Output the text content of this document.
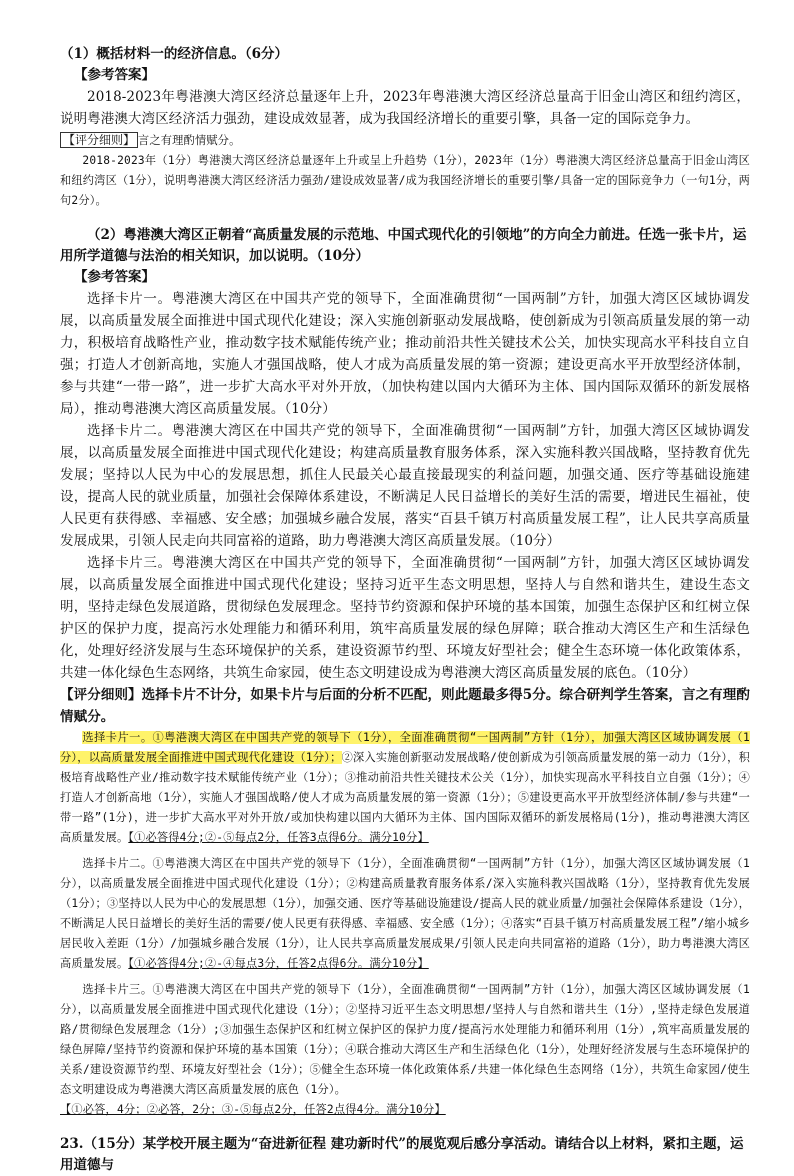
（1）概括材料一的经济信息。（6分）

【参考答案】

2018-2023年粤港澳大湾区经济总量逐年上升，2023年粤港澳大湾区经济总量高于旧金山湾区和纽约湾区，说明粤港澳大湾区经济活力强劲，建设成效显著，成为我国经济增长的重要引擎，具备一定的国际竞争力。

【评分细则】 言之有理酌情赋分。

2018-2023年（1分）粤港澳大湾区经济总量逐年上升或呈上升趋势（1分），2023年（1分）粤港澳大湾区经济总量高于旧金山湾区和纽约湾区（1分），说明粤港澳大湾区经济活力强劲/建设成效显著/成为我国经济增长的重要引擎/具备一定的国际竞争力（一句1分，两句2分）。

（2）粤港澳大湾区正朝着“高质量发展的示范地、中国式现代化的引领地”的方向全力前进。任选一张卡片，运用所学道德与法治的相关知识，加以说明。（10分）

【参考答案】

选择卡片一。粤港澳大湾区在中国共产党的领导下，全面准确贯彻“一国两制”方针，加强大湾区区域协调发展，以高质量发展全面推进中国式现代化建设；深入实施创新驱动发展战略，使创新成为引领高质量发展的第一动力，积极培育战略性产业，推动数字技术赋能传统产业；推动前沿共性关键技术公关，加快实现高水平科技自立自强；打造人才创新高地，实施人才强国战略，使人才成为高质量发展的第一资源；建设更高水平开放型经济体制，参与共建“一带一路”，进一步扩大高水平对外开放，（加快构建以国内大循环为主体、国内国际双循环的新发展格局），推动粤港澳大湾区高质量发展。（10分）

选择卡片二。粤港澳大湾区在中国共产党的领导下，全面准确贯彻“一国两制”方针，加强大湾区区域协调发展，以高质量发展全面推进中国式现代化建设；构建高质量教育服务体系，深入实施科教兴国战略，坚持教育优先发展；坚持以人民为中心的发展思想，抓住人民最关心最直接最现实的利益问题，加强交通、医疗等基础设施建设，提高人民的就业质量，加强社会保障体系建设，不断满足人民日益增长的美好生活的需要，增进民生福祉，使人民更有获得感、幸福感、安全感；加强城乡融合发展，落实“百县千镇万村高质量发展工程”，让人民共享高质量发展成果，引领人民走向共同富裕的道路，助力粤港澳大湾区高质量发展。（10分）

选择卡片三。粤港澳大湾区在中国共产党的领导下，全面准确贯彻“一国两制”方针，加强大湾区区域协调发展，以高质量发展全面推进中国式现代化建设；坚持习近平生态文明思想，坚持人与自然和谐共生，建设生态文明，坚持走绿色发展道路，贯彻绿色发展理念。坚持节约资源和保护环境的基本国策，加强生态保护区和红树立保护区的保护力度，提高污水处理能力和循环利用，筑牢高质量发展的绿色屏障；联合推动大湾区生产和生活绿色化，处理好经济发展与生态环境保护的关系，建设资源节约型、环境友好型社会；健全生态环境一体化政策体系，共建一体化绿色生态网络，共筑生命家园，使生态文明建设成为粤港澳大湾区高质量发展的底色。（10分）

【评分细则】选择卡片不计分，如果卡片与后面的分析不匹配，则此题最多得5分。综合研判学生答案，言之有理酌情赋分。

选择卡片一。①粤港澳大湾区在中国共产党的领导下（1分），全面准确贯彻“一国两制”方针（1分），加强大湾区区域协调发展（1分），以高质量发展全面推进中国式现代化建设（1分）；②深入实施创新驱动发展战略/使创新成为引领高质量发展的第一动力（1分），积极培育战略性产业/推动数字技术赋能传统产业（1分）；③推动前沿共性关键技术公关（1分），加快实现高水平科技自立自强（1分）；④打造人才创新高地（1分），实施人才强国战略/使人才成为高质量发展的第一资源（1分）；⑤建设更高水平开放型经济体制/参与共建“一带一路”(1分)，进一步扩大高水平对外开放/或加快构建以国内大循环为主体、国内国际双循环的新发展格局(1分)，推动粤港澳大湾区高质量发展。【①必答得4分;②-⑤每点2分，任答3点得6分。满分10分】

选择卡片二。①粤港澳大湾区在中国共产党的领导下（1分），全面准确贯彻“一国两制”方针（1分），加强大湾区区域协调发展（1分），以高质量发展全面推进中国式现代化建设（1分）；②构建高质量教育服务体系/深入实施科教兴国战略（1分），坚持教育优先发展（1分）；③坚持以人民为中心的发展思想（1分），加强交通、医疗等基础设施建设/提高人民的就业质量/加强社会保障体系建设（1分），不断满足人民日益增长的美好生活的需要/使人民更有获得感、幸福感、安全感（1分）；④落实“百县千镇万村高质量发展工程”/缩小城乡居民收入差距（1分）/加强城乡融合发展（1分），让人民共享高质量发展成果/引领人民走向共同富裕的道路（1分），助力粤港澳大湾区高质量发展。【①必答得4分;②-④每点3分，任答2点得6分。满分10分】

选择卡片三。①粤港澳大湾区在中国共产党的领导下（1分），全面准确贯彻“一国两制”方针（1分），加强大湾区区域协调发展（1分），以高质量发展全面推进中国式现代化建设（1分）；②坚持习近平生态文明思想/坚持人与自然和谐共生（1分）,坚持走绿色发展道路/贯彻绿色发展理念（1分）;③加强生态保护区和红树立保护区的保护力度/提高污水处理能力和循环利用（1分）,筑牢高质量发展的绿色屏障/坚持节约资源和保护环境的基本国策（1分）；④联合推动大湾区生产和生活绿色化（1分），处理好经济发展与生态环境保护的关系/建设资源节约型、环境友好型社会（1分）；⑤健全生态环境一体化政策体系/共建一体化绿色生态网络（1分），共筑生命家园/使生态文明建设成为粤港澳大湾区高质量发展的底色（1分）。

【①必答，4分；②必答，2分；③-⑤每点2分，任答2点得4分。满分10分】

23.（15分）某学校开展主题为“奋进新征程 建功新时代”的展览观后感分享活动。请结合以上材料，紧扣主题，运用道德与
